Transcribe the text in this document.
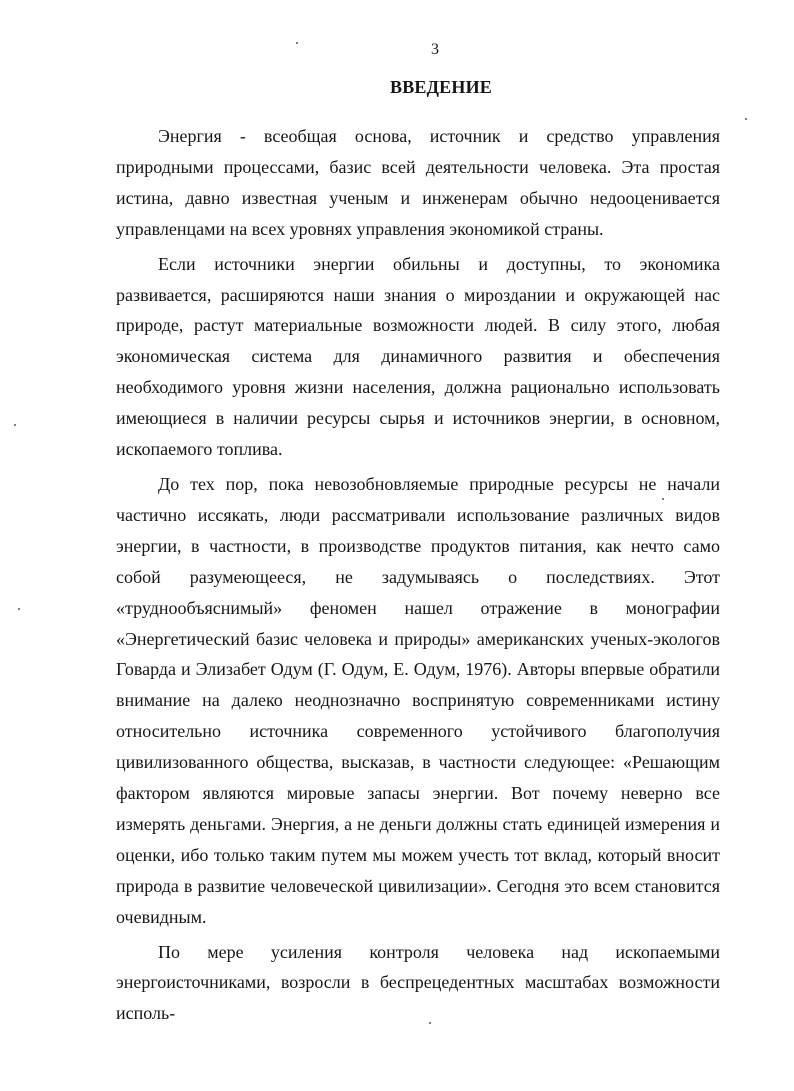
3
ВВЕДЕНИЕ

Энергия - всеобщая основа, источник и средство управления природными процессами, базис всей деятельности человека. Эта простая истина, давно известная ученым и инженерам обычно недооценивается управленцами на всех уровнях управления экономикой страны.

Если источники энергии обильны и доступны, то экономика развивается, расширяются наши знания о мироздании и окружающей нас природе, растут материальные возможности людей. В силу этого, любая экономическая система для динамичного развития и обеспечения необходимого уровня жизни населения, должна рационально использовать имеющиеся в наличии ресурсы сырья и источников энергии, в основном, ископаемого топлива.

До тех пор, пока невозобновляемые природные ресурсы не начали частично иссякать, люди рассматривали использование различных видов энергии, в частности, в производстве продуктов питания, как нечто само собой разумеющееся, не задумываясь о последствиях. Этот «труднообъяснимый» феномен нашел отражение в монографии «Энергетический базис человека и природы» американских ученых-экологов Говарда и Элизабет Одум (Г. Одум, Е. Одум, 1976). Авторы впервые обратили внимание на далеко неоднозначно воспринятую современниками истину относительно источника современного устойчивого благополучия цивилизованного общества, высказав, в частности следующее: «Решающим фактором являются мировые запасы энергии. Вот почему неверно все измерять деньгами. Энергия, а не деньги должны стать единицей измерения и оценки, ибо только таким путем мы можем учесть тот вклад, который вносит природа в развитие человеческой цивилизации». Сегодня это всем становится очевидным.

По мере усиления контроля человека над ископаемыми энергоисточниками, возросли в беспрецедентных масштабах возможности исполь-
